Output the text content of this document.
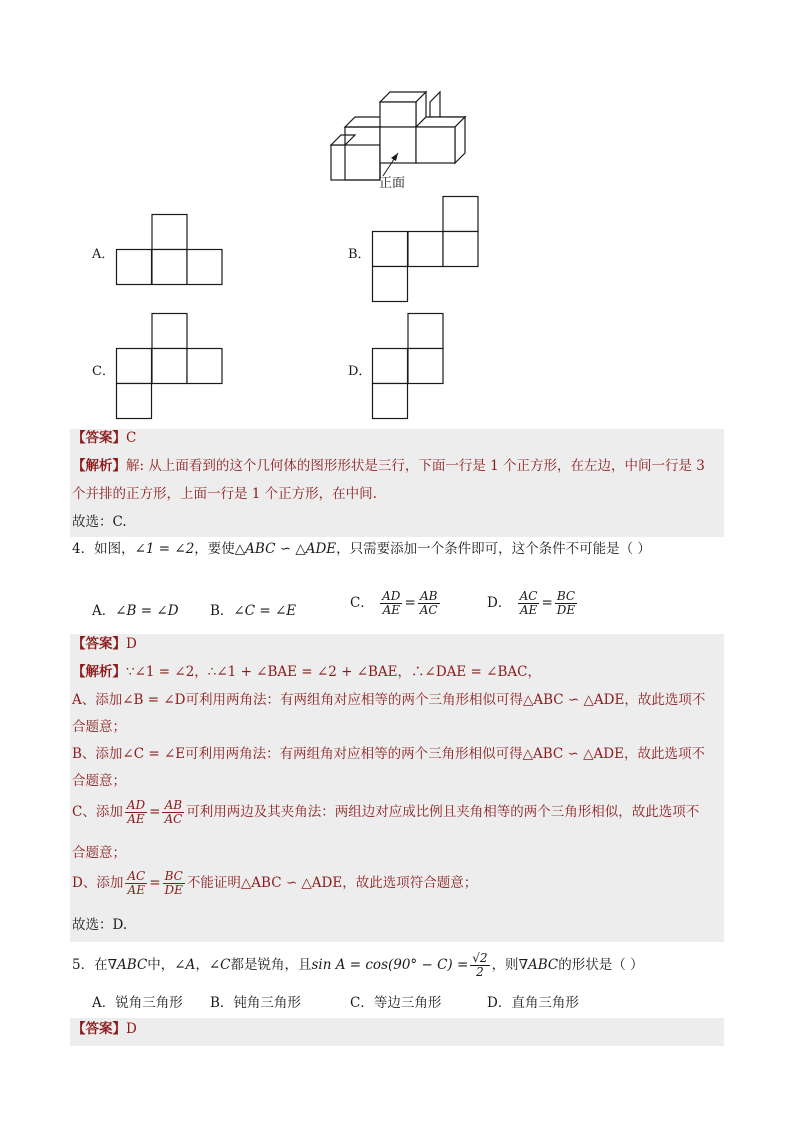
正面
A．	B．
C．	D．
【答案】C
【解析】解: 从上面看到的这个几何体的图形形状是三行，下面一行是 1 个正方形，在左边，中间一行是 3
个并排的正方形，上面一行是 1 个正方形，在中间.
故选：C.
4．如图，∠1 = ∠2，要使△ABC ∽ △ADE，只需要添加一个条件即可，这个条件不可能是（ ）
A．∠B = ∠D B．∠C = ∠E	C． $\frac{AD}{AE} = \frac{AB}{AC}$	D． $\frac{AC}{AE} = \frac{BC}{DE}$
【答案】D
【解析】∵∠1 = ∠2，∴∠1 + ∠BAE = ∠2 + ∠BAE，∴∠DAE = ∠BAC，
A、添加∠B = ∠D可利用两角法：有两组角对应相等的两个三角形相似可得△ABC ∽ △ADE，故此选项不
合题意；
B、添加∠C = ∠E可利用两角法：有两组角对应相等的两个三角形相似可得△ABC ∽ △ADE，故此选项不
合题意；
C、添加 $\frac{AD}{AE} = \frac{AB}{AC}$ 可利用两边及其夹角法：两组边对应成比例且夹角相等的两个三角形相似，故此选项不
合题意；
D、添加 $\frac{AC}{AE} = \frac{BC}{DE}$ 不能证明△ABC ∽ △ADE，故此选项符合题意；
故选：D.
5．在∇ABC中，∠A，∠C都是锐角，且$\sin A = \cos(90^\circ - C) = \frac{√2}{2}$ ，则∇ABC的形状是（ ）
A．锐角三角形 B．钝角三角形	C．等边三角形	D．直角三角形
【答案】D
